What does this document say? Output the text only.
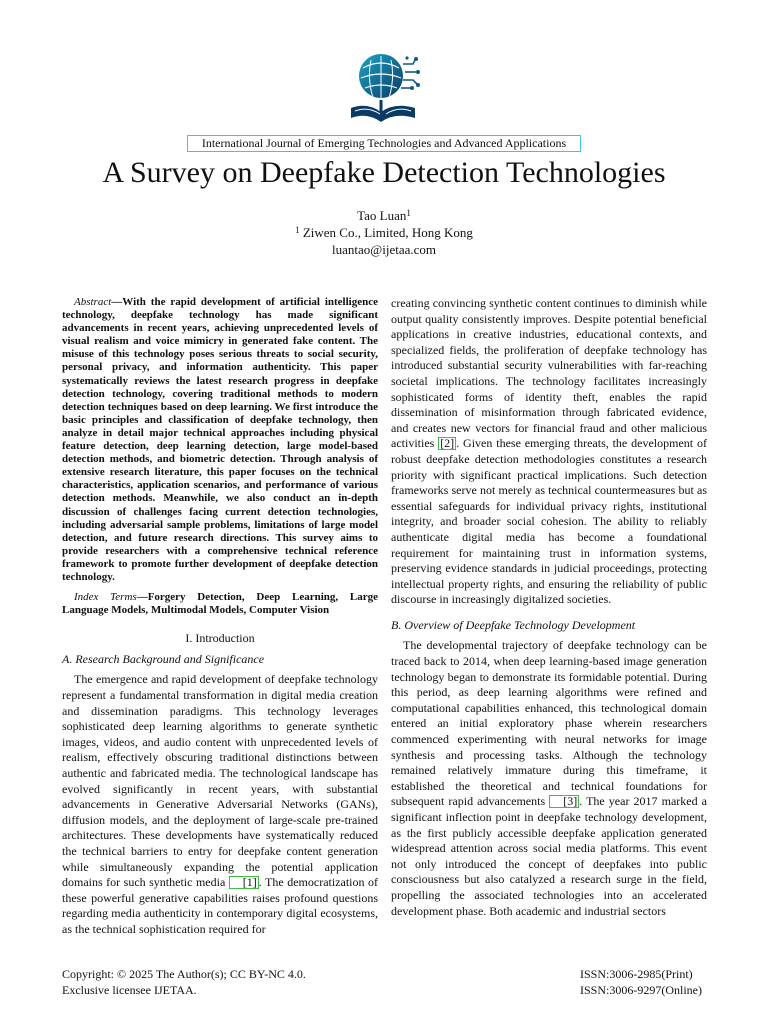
International Journal of Emerging Technologies and Advanced Applications
A Survey on Deepfake Detection Technologies
Tao Luan$^1$
$^1$ Ziwen Co., Limited, Hong Kong
luantao@ijetaa.com

Abstract—With the rapid development of artificial intelligence technology, deepfake technology has made significant advancements in recent years, achieving unprecedented levels of visual realism and voice mimicry in generated fake content. The misuse of this technology poses serious threats to social security, personal privacy, and information authenticity. This paper systematically reviews the latest research progress in deepfake detection technology, covering traditional methods to modern detection techniques based on deep learning. We first introduce the basic principles and classification of deepfake technology, then analyze in detail major technical approaches including physical feature detection, deep learning detection, large model-based detection methods, and biometric detection. Through analysis of extensive research literature, this paper focuses on the technical characteristics, application scenarios, and performance of various detection methods. Meanwhile, we also conduct an in-depth discussion of challenges facing current detection technologies, including adversarial sample problems, limitations of large model detection, and future research directions. This survey aims to provide researchers with a comprehensive technical reference framework to promote further development of deepfake detection technology.

Index Terms—Forgery Detection, Deep Learning, Large Language Models, Multimodal Models, Computer Vision

I. Introduction

A. Research Background and Significance

The emergence and rapid development of deepfake technology represent a fundamental transformation in digital media creation and dissemination paradigms. This technology leverages sophisticated deep learning algorithms to generate synthetic images, videos, and audio content with unprecedented levels of realism, effectively obscuring traditional distinctions between authentic and fabricated media. The technological landscape has evolved significantly in recent years, with substantial advancements in Generative Adversarial Networks (GANs), diffusion models, and the deployment of large-scale pre-trained architectures. These developments have systematically reduced the technical barriers to entry for deepfake content generation while simultaneously expanding the potential application domains for such synthetic media [1] . The democratization of these powerful generative capabilities raises profound questions regarding media authenticity in contemporary digital ecosystems, as the technical sophistication required for

creating convincing synthetic content continues to diminish while output quality consistently improves. Despite potential beneficial applications in creative industries, educational contexts, and specialized fields, the proliferation of deepfake technology has introduced substantial security vulnerabilities with far-reaching societal implications. The technology facilitates increasingly sophisticated forms of identity theft, enables the rapid dissemination of misinformation through fabricated evidence, and creates new vectors for financial fraud and other malicious activities [2] . Given these emerging threats, the development of robust deepfake detection methodologies constitutes a research priority with significant practical implications. Such detection frameworks serve not merely as technical countermeasures but as essential safeguards for individual privacy rights, institutional integrity, and broader social cohesion. The ability to reliably authenticate digital media has become a foundational requirement for maintaining trust in information systems, preserving evidence standards in judicial proceedings, protecting intellectual property rights, and ensuring the reliability of public discourse in increasingly digitalized societies.

B. Overview of Deepfake Technology Development

The developmental trajectory of deepfake technology can be traced back to 2014, when deep learning-based image generation technology began to demonstrate its formidable potential. During this period, as deep learning algorithms were refined and computational capabilities enhanced, this technological domain entered an initial exploratory phase wherein researchers commenced experimenting with neural networks for image synthesis and processing tasks. Although the technology remained relatively immature during this timeframe, it established the theoretical and technical foundations for subsequent rapid advancements [3] . The year 2017 marked a significant inflection point in deepfake technology development, as the first publicly accessible deepfake application generated widespread attention across social media platforms. This event not only introduced the concept of deepfakes into public consciousness but also catalyzed a research surge in the field, propelling the associated technologies into an accelerated development phase. Both academic and industrial sectors

Copyright: © 2025 The Author(s); CC BY-NC 4.0.
Exclusive licensee IJETAA.
ISSN:3006-2985(Print)
ISSN:3006-9297(Online)
